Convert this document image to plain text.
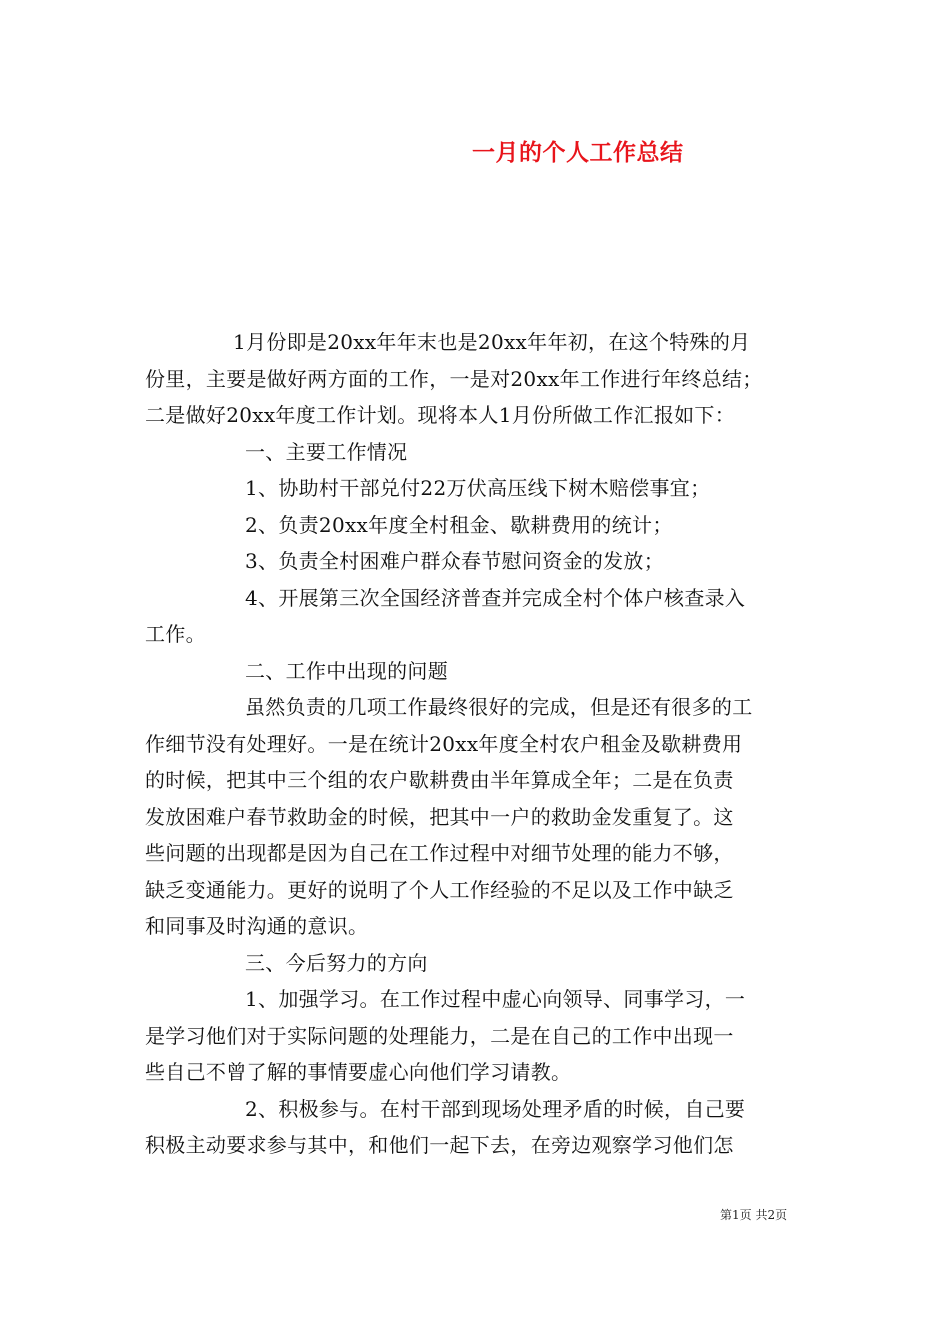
一月的个人工作总结
1月份即是20xx年年末也是20xx年年初，在这个特殊的月
份里，主要是做好两方面的工作，一是对20xx年工作进行年终总结；
二是做好20xx年度工作计划。现将本人1月份所做工作汇报如下：
一、主要工作情况
1、协助村干部兑付22万伏高压线下树木赔偿事宜；
2、负责20xx年度全村租金、歇耕费用的统计；
3、负责全村困难户群众春节慰问资金的发放；
4、开展第三次全国经济普查并完成全村个体户核查录入
工作。
二、工作中出现的问题
虽然负责的几项工作最终很好的完成，但是还有很多的工
作细节没有处理好。一是在统计20xx年度全村农户租金及歇耕费用
的时候，把其中三个组的农户歇耕费由半年算成全年；二是在负责
发放困难户春节救助金的时候，把其中一户的救助金发重复了。这
些问题的出现都是因为自己在工作过程中对细节处理的能力不够，
缺乏变通能力。更好的说明了个人工作经验的不足以及工作中缺乏
和同事及时沟通的意识。
三、今后努力的方向
1、加强学习。在工作过程中虚心向领导、同事学习，一
是学习他们对于实际问题的处理能力，二是在自己的工作中出现一
些自己不曾了解的事情要虚心向他们学习请教。
2、积极参与。在村干部到现场处理矛盾的时候，自己要
积极主动要求参与其中，和他们一起下去，在旁边观察学习他们怎
第1页 共2页
